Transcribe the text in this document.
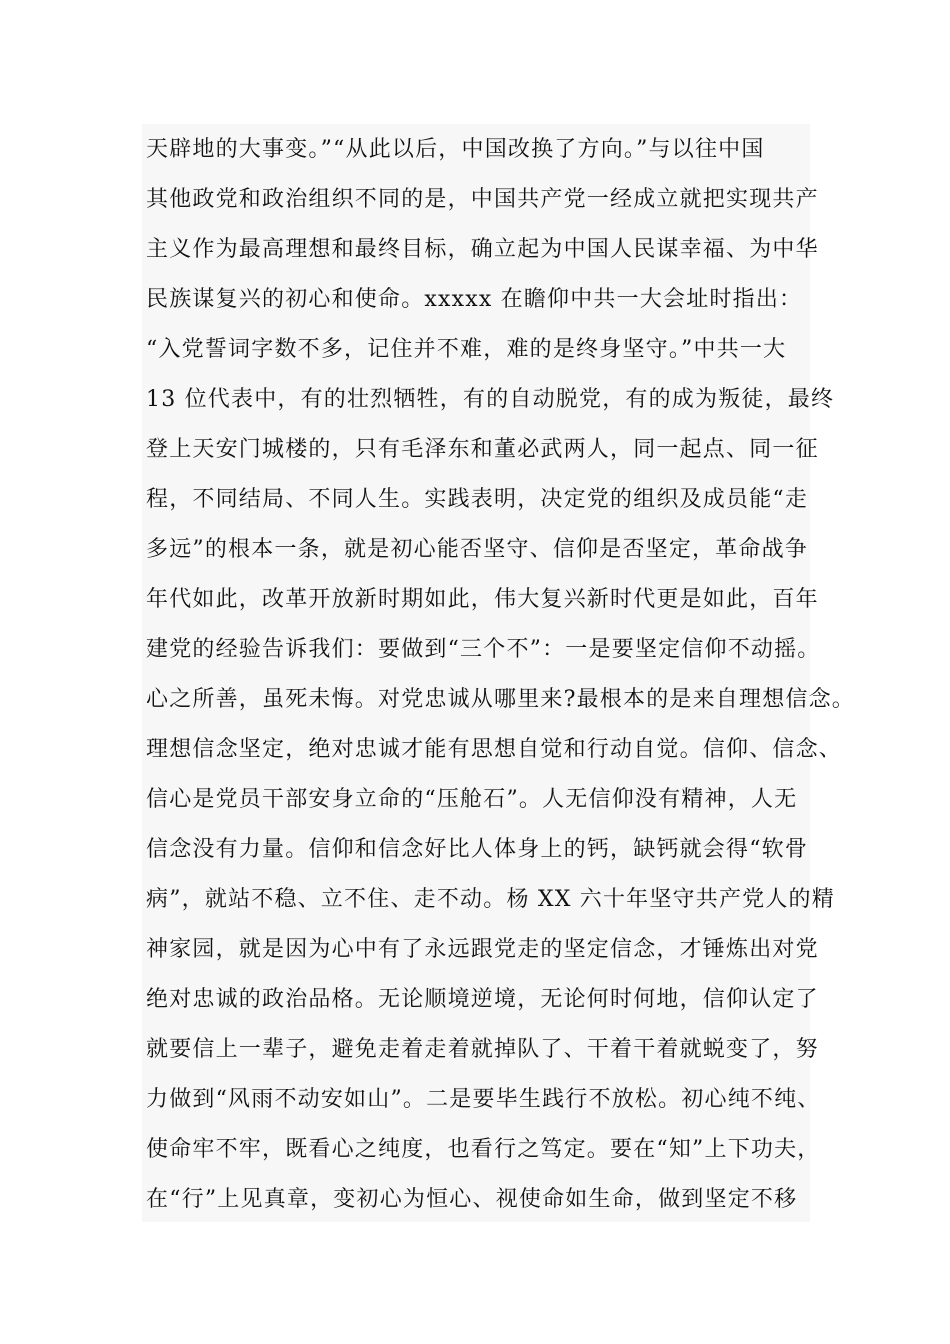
天辟地的大事变。”“从此以后，中国改换了方向。”与以往中国
其他政党和政治组织不同的是，中国共产党一经成立就把实现共产
主义作为最高理想和最终目标，确立起为中国人民谋幸福、为中华
民族谋复兴的初心和使命。xxxxx 在瞻仰中共一大会址时指出：
“入党誓词字数不多，记住并不难，难的是终身坚守。”中共一大
13 位代表中，有的壮烈牺牲，有的自动脱党，有的成为叛徒，最终
登上天安门城楼的，只有毛泽东和董必武两人，同一起点、同一征
程，不同结局、不同人生。实践表明，决定党的组织及成员能“走
多远”的根本一条，就是初心能否坚守、信仰是否坚定，革命战争
年代如此，改革开放新时期如此，伟大复兴新时代更是如此，百年
建党的经验告诉我们：要做到“三个不”：一是要坚定信仰不动摇。
心之所善，虽死未悔。对党忠诚从哪里来?最根本的是来自理想信念。
理想信念坚定，绝对忠诚才能有思想自觉和行动自觉。信仰、信念、
信心是党员干部安身立命的“压舱石”。人无信仰没有精神，人无
信念没有力量。信仰和信念好比人体身上的钙，缺钙就会得“软骨
病”，就站不稳、立不住、走不动。杨 XX 六十年坚守共产党人的精
神家园，就是因为心中有了永远跟党走的坚定信念，才锤炼出对党
绝对忠诚的政治品格。无论顺境逆境，无论何时何地，信仰认定了
就要信上一辈子，避免走着走着就掉队了、干着干着就蜕变了，努
力做到“风雨不动安如山”。二是要毕生践行不放松。初心纯不纯、
使命牢不牢，既看心之纯度，也看行之笃定。要在“知”上下功夫，
在“行”上见真章，变初心为恒心、视使命如生命，做到坚定不移
